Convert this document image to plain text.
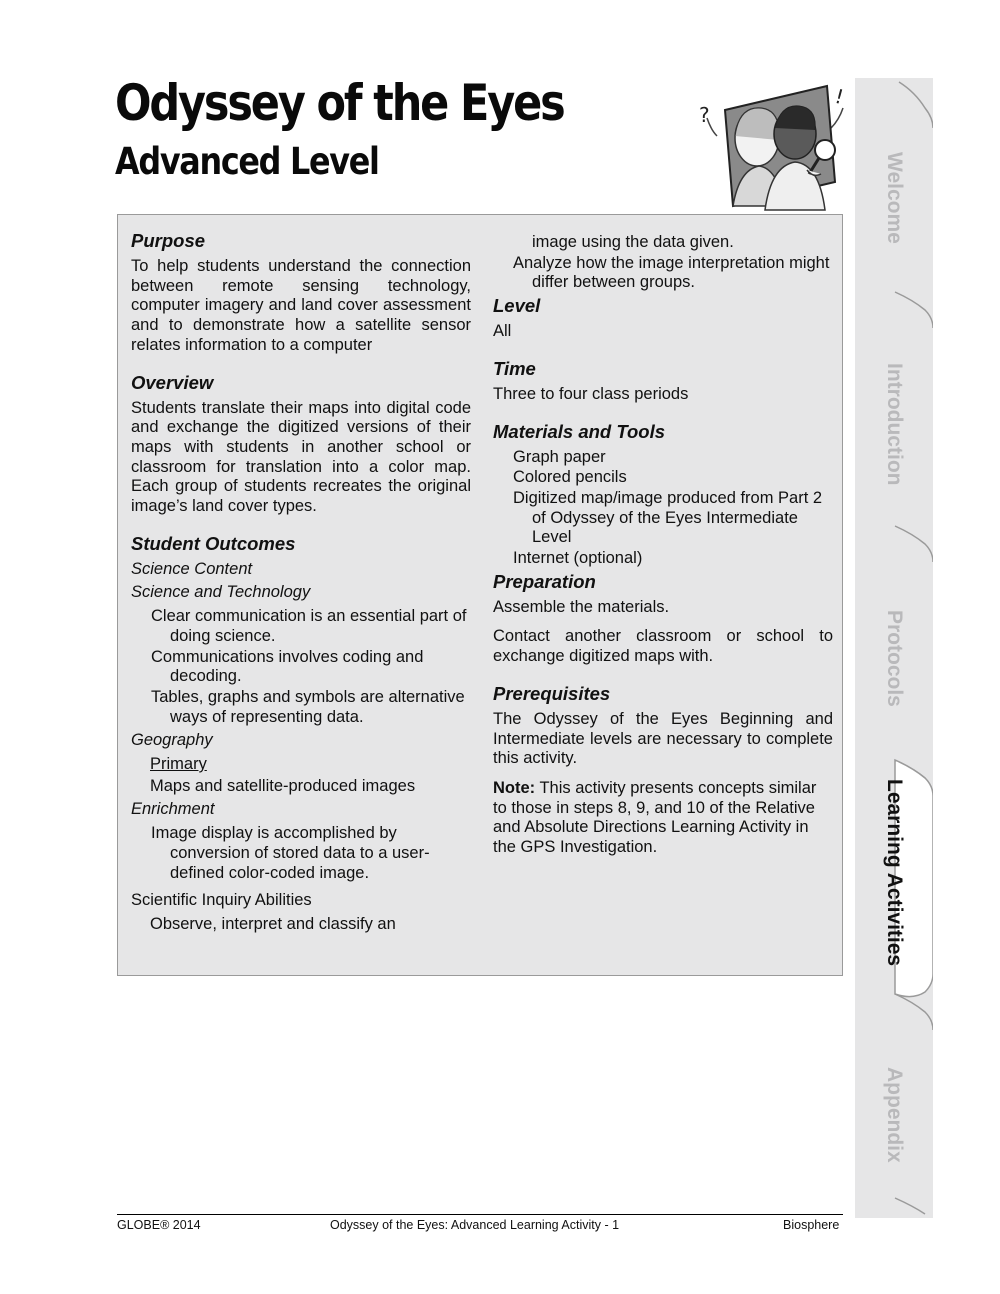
Odyssey of the Eyes
Advanced Level
?
!
Purpose

To help students understand the connection between remote sensing technology, computer imagery and land cover assessment and to demonstrate how a satellite sensor relates information to a computer

Overview

Students translate their maps into digital code and exchange the digitized versions of their maps with students in another school or classroom for translation into a color map. Each group of students recreates the original image’s land cover types.

Student Outcomes

Science Content

Science and Technology

Clear communication is an essential part of doing science.

Communications involves coding and decoding.

Tables, graphs and symbols are alternative ways of representing data.

Geography

Primary

Maps and satellite-produced images

Enrichment

Image display is accomplished by conversion of stored data to a user-defined color-coded image.

Scientific Inquiry Abilities

Observe, interpret and classify an

image using the data given.

Analyze how the image interpretation might differ between groups.

Level

All

Time

Three to four class periods

Materials and Tools

Graph paper

Colored pencils

Digitized map/image produced from Part 2 of Odyssey of the Eyes Intermediate Level

Internet (optional)

Preparation

Assemble the materials.

Contact another classroom or school to exchange digitized maps with.

Prerequisites

The Odyssey of the Eyes Beginning and Intermediate levels are necessary to complete this activity.

Note: This activity presents concepts similar to those in steps 8, 9, and 10 of the Relative and Absolute Directions Learning Activity in the GPS Investigation.

Welcome
Introduction
Protocols
Learning Activities
Appendix
GLOBE® 2014	Odyssey of the Eyes: Advanced Learning Activity - 1	Biosphere
